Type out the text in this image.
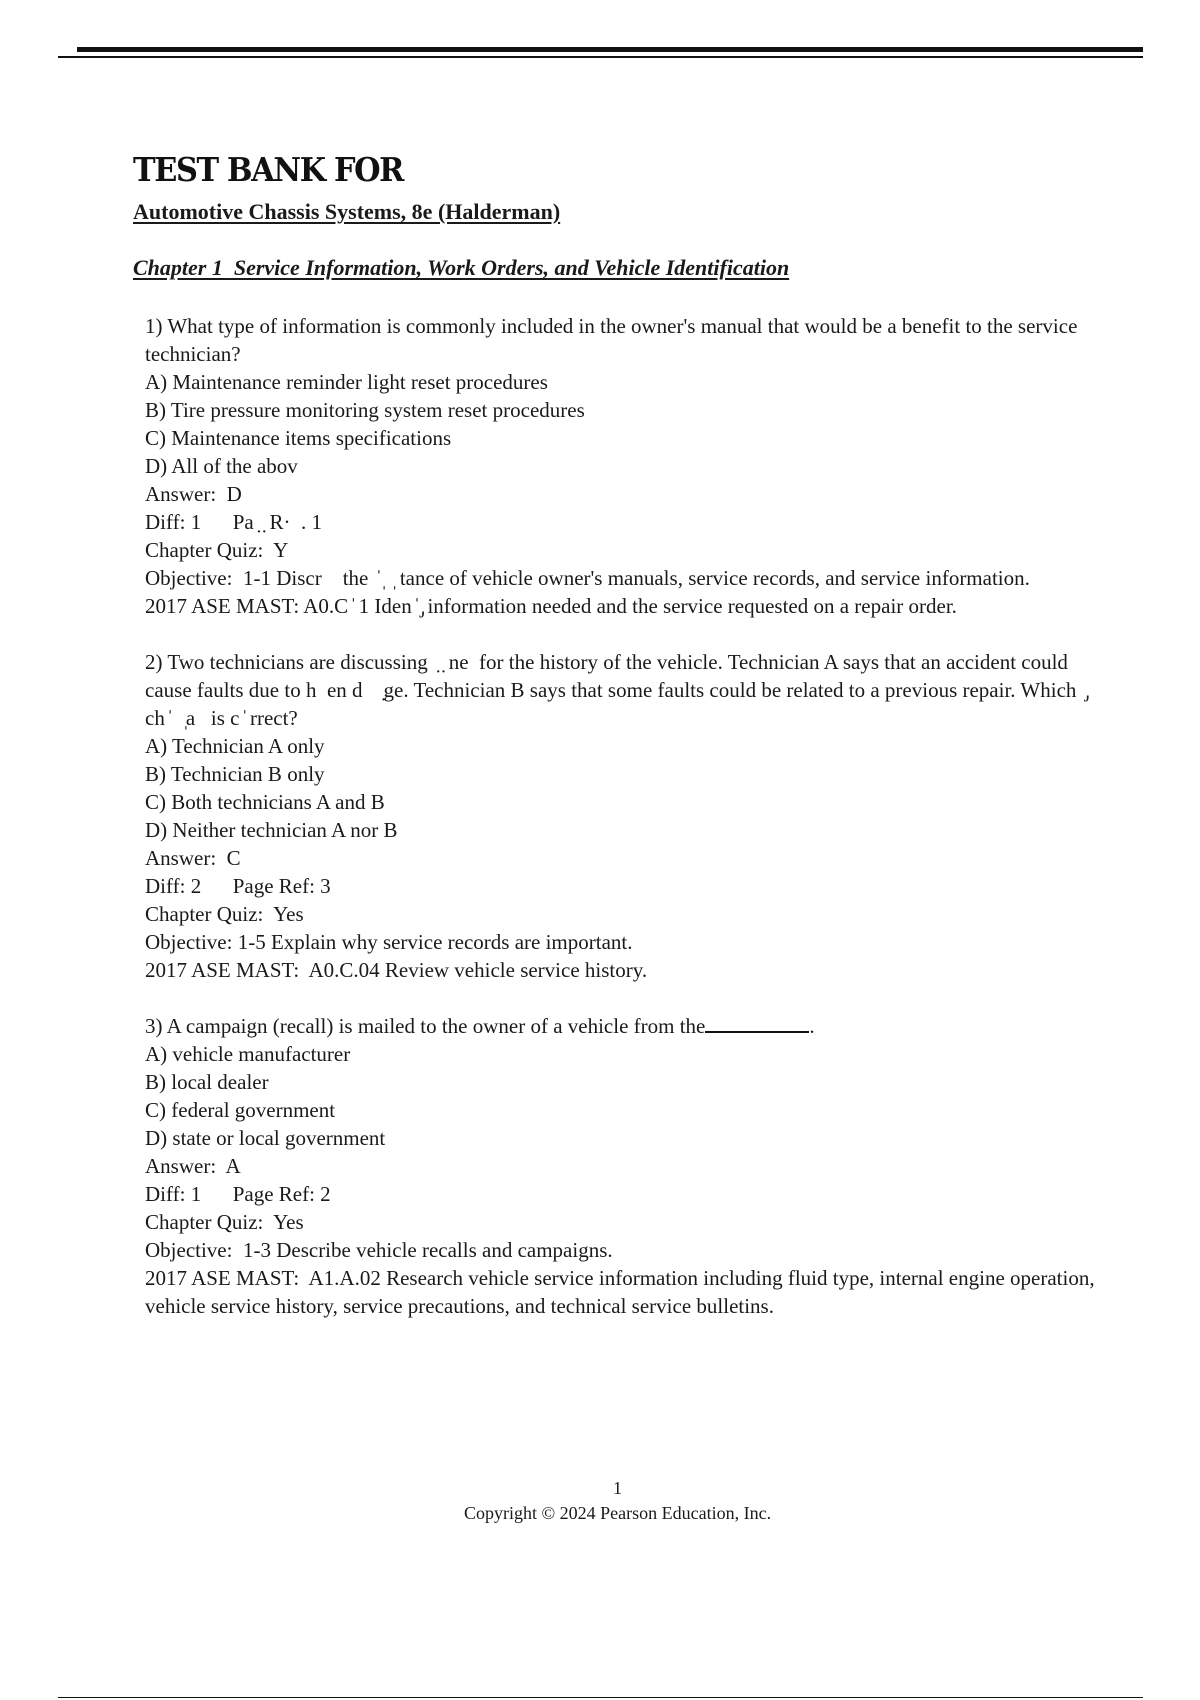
TEST BANK FOR
Automotive Chassis Systems, 8e (Halderman)
Chapter 1  Service Information, Work Orders, and Vehicle Identification
1) What type of information is commonly included in the owner's manual that would be a benefit to the service technician?
A) Maintenance reminder light reset procedures
B) Tire pressure monitoring system reset procedures
C) Maintenance items specifications
D) All of the abov
Answer:  D
Diff: 1      Pa ̣ ̣ R·  . 1
Chapter Quiz:  Y
Objective:  1-1 Discr    the  ̍ ̩  ̩ tance of vehicle owner's manuals, service records, and service information.
2017 ASE MAST: A0.C ̍ 1 Iden ̍ ̡ information needed and the service requested on a repair order.
2) Two technicians are discussing  ̣ ̣ ne  for the history of the vehicle. Technician A says that an accident could cause faults due to h  en d    ̣ge. Technician B says that some faults could be related to a previous repair. Which  ̡ ch ̍   ̩a   is c ̍ rrect?
A) Technician A only
B) Technician B only
C) Both technicians A and B
D) Neither technician A nor B
Answer:  C
Diff: 2      Page Ref: 3
Chapter Quiz:  Yes
Objective: 1-5 Explain why service records are important.
2017 ASE MAST:  A0.C.04 Review vehicle service history.
3) A campaign (recall) is mailed to the owner of a vehicle from the	.
A) vehicle manufacturer
B) local dealer
C) federal government
D) state or local government
Answer:  A
Diff: 1      Page Ref: 2
Chapter Quiz:  Yes
Objective:  1-3 Describe vehicle recalls and campaigns.
2017 ASE MAST:  A1.A.02 Research vehicle service information including fluid type, internal engine operation, vehicle service history, service precautions, and technical service bulletins.
1
Copyright © 2024 Pearson Education, Inc.
